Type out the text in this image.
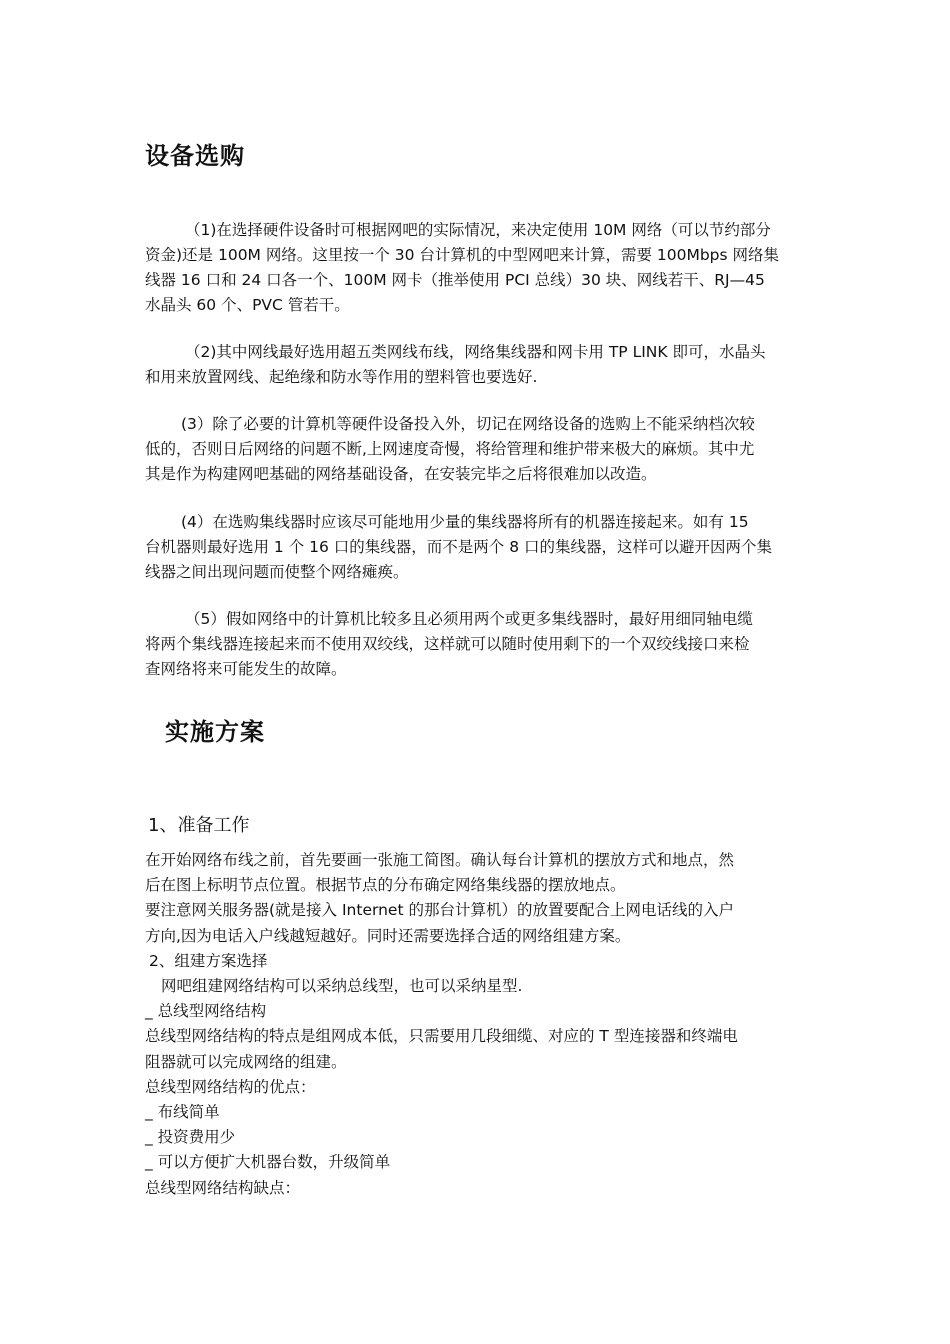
设备选购

（1)在选择硬件设备时可根据网吧的实际情况，来决定使用 10M 网络（可以节约部分
资金)还是 100M 网络。这里按一个 30 台计算机的中型网吧来计算，需要 100Mbps 网络集
线器 16 口和 24 口各一个、100M 网卡（推举使用 PCI 总线）30 块、网线若干、RJ—45
水晶头 60 个、PVC 管若干。

（2)其中网线最好选用超五类网线布线，网络集线器和网卡用 TP LINK 即可，水晶头
和用来放置网线、起绝缘和防水等作用的塑料管也要选好.

(3）除了必要的计算机等硬件设备投入外，切记在网络设备的选购上不能采纳档次较
低的，否则日后网络的问题不断,上网速度奇慢，将给管理和维护带来极大的麻烦。其中尤
其是作为构建网吧基础的网络基础设备，在安装完毕之后将很难加以改造。

(4）在选购集线器时应该尽可能地用少量的集线器将所有的机器连接起来。如有 15
台机器则最好选用 1 个 16 口的集线器，而不是两个 8 口的集线器，这样可以避开因两个集
线器之间出现问题而使整个网络瘫痪。

（5）假如网络中的计算机比较多且必须用两个或更多集线器时，最好用细同轴电缆
将两个集线器连接起来而不使用双绞线，这样就可以随时使用剩下的一个双绞线接口来检
查网络将来可能发生的故障。

实施方案
1、准备工作
在开始网络布线之前，首先要画一张施工简图。确认每台计算机的摆放方式和地点，然
后在图上标明节点位置。根据节点的分布确定网络集线器的摆放地点。
要注意网关服务器(就是接入 Internet 的那台计算机）的放置要配合上网电话线的入户
方向,因为电话入户线越短越好。同时还需要选择合适的网络组建方案。
2、组建方案选择
网吧组建网络结构可以采纳总线型，也可以采纳星型.
_ 总线型网络结构
总线型网络结构的特点是组网成本低，只需要用几段细缆、对应的 T 型连接器和终端电
阻器就可以完成网络的组建。
总线型网络结构的优点：
_ 布线简单
_ 投资费用少
_ 可以方便扩大机器台数，升级简单
总线型网络结构缺点：
